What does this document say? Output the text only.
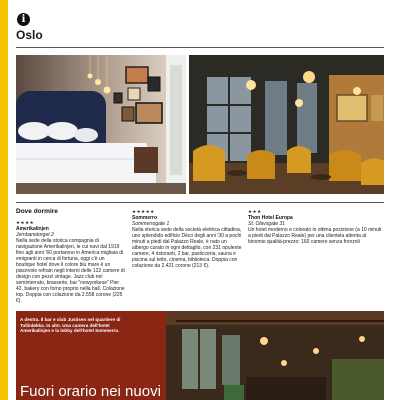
i
Oslo
Dove dormire
★★★★
Amerikalinjen
Jernbanetorget 2

Nella sede della storica compagnia di navigazione Amerikalinjen, le cui navi dal 1919 fino agli anni '60 portarono in America migliaia di emigranti in cerca di fortuna, oggi c'è un boutique hotel dove il colore blu mare è un piacevole refrain negli interni delle 122 camere di design con pezzi vintage. Jazz club nel seminterrato, brasserie, bar "newyorkese" Pier 42, bakery con forno proprio nella hall. Colazione top. Doppia con colazione da 2.558 corone (225 €).

★★★★★
Sommerro
Sommerrogate 1

Nella storica sede della società elettrica cittadina, uno splendido edificio Déco degli anni '30 a pochi minuti a piedi dal Palazzo Reale, è nato un albergo curato in ogni dettaglio, con 231 opulente camere, 4 ristoranti, 2 bar, pasticceria, sauna e piscina sul tetto, cinema, biblioteca. Doppia con colazione da 2.421 corone (213 €).

★★★
Thon Hotel Europa
St. Olavsgate 31

Un hotel moderno e colorato in ottima posizione (a 10 minuti a piedi dal Palazzo Reale) per una clientela attenta al binomio qualità-prezzo: 160 camere senza fronzoli

A destra. Il bar e club Justisen nel quartiere di Tullinløkka. In alto. Una camera dell'hotel Amerikalinjen e la lobby dell'hotel Sommerro.
Fuori orario nei nuovi
